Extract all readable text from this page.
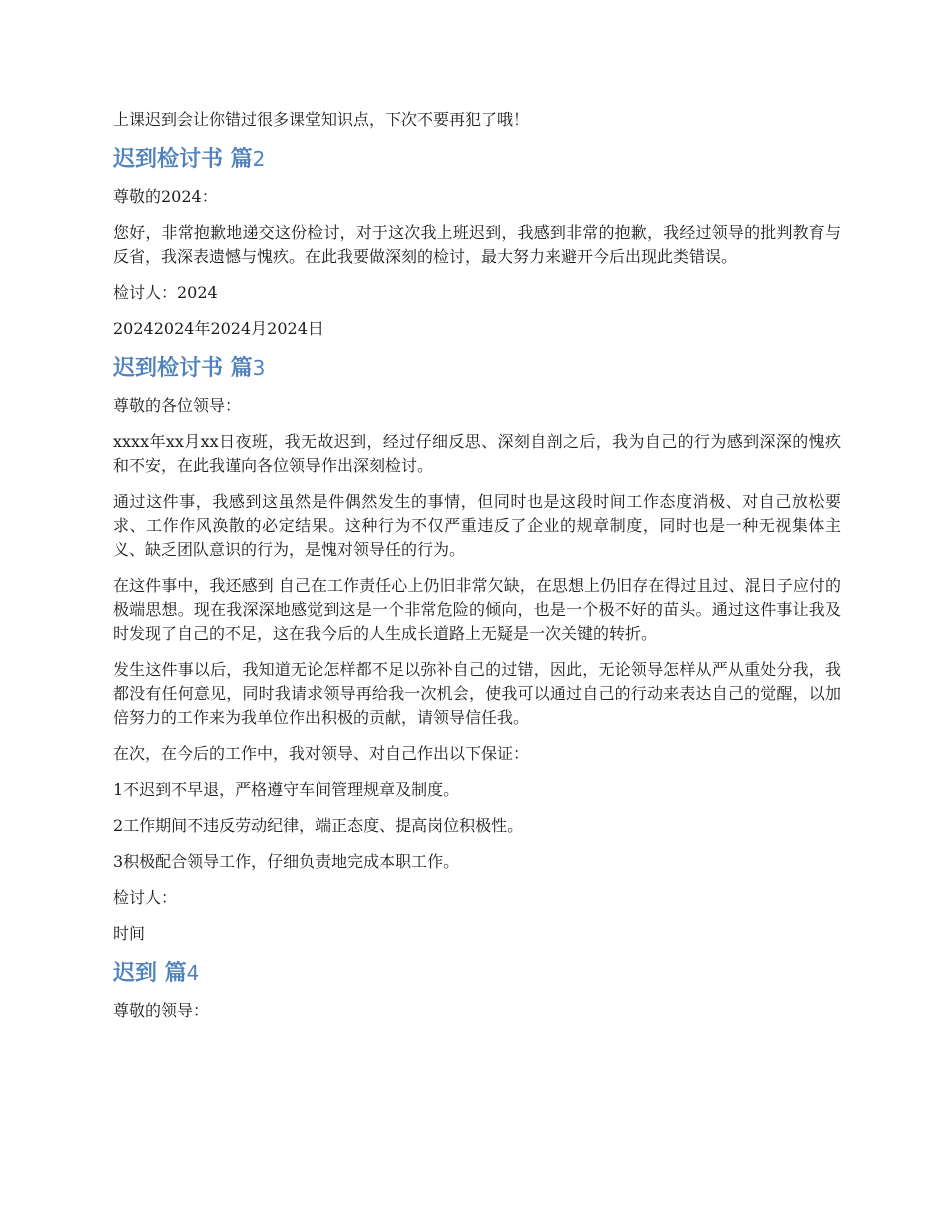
上课迟到会让你错过很多课堂知识点，下次不要再犯了哦！

迟到检讨书 篇2

尊敬的2024：

您好，非常抱歉地递交这份检讨，对于这次我上班迟到，我感到非常的抱歉，我经过领导的批判教育与反省，我深表遗憾与愧疚。在此我要做深刻的检讨，最大努力来避开今后出现此类错误。

检讨人：2024

20242024年2024月2024日

迟到检讨书 篇3

尊敬的各位领导：

xxxx年xx月xx日夜班，我无故迟到，经过仔细反思、深刻自剖之后，我为自己的行为感到深深的愧疚和不安，在此我谨向各位领导作出深刻检讨。

通过这件事，我感到这虽然是件偶然发生的事情，但同时也是这段时间工作态度消极、对自己放松要求、工作作风涣散的必定结果。这种行为不仅严重违反了企业的规章制度，同时也是一种无视集体主义、缺乏团队意识的行为，是愧对领导任的行为。

在这件事中，我还感到 自己在工作责任心上仍旧非常欠缺，在思想上仍旧存在得过且过、混日子应付的极端思想。现在我深深地感觉到这是一个非常危险的倾向，也是一个极不好的苗头。通过这件事让我及时发现了自己的不足，这在我今后的人生成长道路上无疑是一次关键的转折。

发生这件事以后，我知道无论怎样都不足以弥补自己的过错，因此，无论领导怎样从严从重处分我，我都没有任何意见，同时我请求领导再给我一次机会，使我可以通过自己的行动来表达自己的觉醒，以加倍努力的工作来为我单位作出积极的贡献，请领导信任我。

在次，在今后的工作中，我对领导、对自己作出以下保证：

1不迟到不早退，严格遵守车间管理规章及制度。

2工作期间不违反劳动纪律，端正态度、提高岗位积极性。

3积极配合领导工作，仔细负责地完成本职工作。

检讨人：

时间

迟到 篇4

尊敬的领导：
